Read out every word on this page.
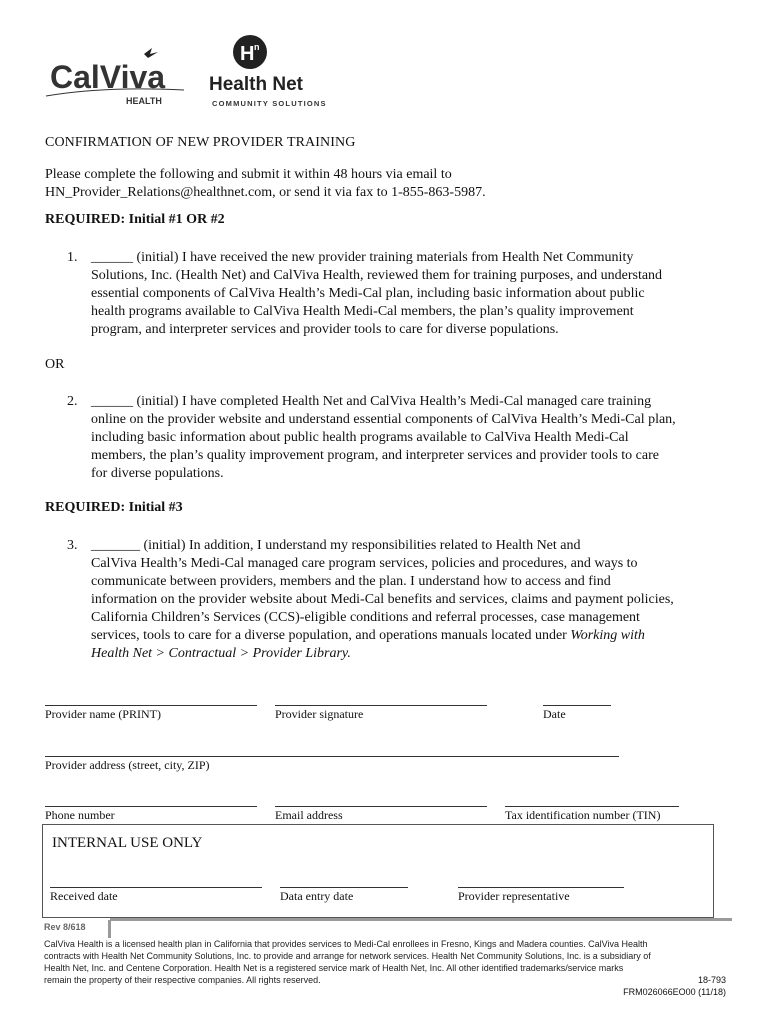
CalViva
HEALTH
H n
Health Net
COMMUNITY SOLUTIONS
CONFIRMATION OF NEW PROVIDER TRAINING
Please complete the following and submit it within 48 hours via email to
HN_Provider_Relations@healthnet.com, or send it via fax to 1-855-863-5987.
REQUIRED: Initial #1 OR #2
1. ______ (initial) I have received the new provider training materials from Health Net Community
Solutions, Inc. (Health Net) and CalViva Health, reviewed them for training purposes, and understand
essential components of CalViva Health’s Medi-Cal plan, including basic information about public
health programs available to CalViva Health Medi-Cal members, the plan’s quality improvement
program, and interpreter services and provider tools to care for diverse populations.
OR
2. ______ (initial) I have completed Health Net and CalViva Health’s Medi-Cal managed care training
online on the provider website and understand essential components of CalViva Health’s Medi-Cal plan,
including basic information about public health programs available to CalViva Health Medi-Cal
members, the plan’s quality improvement program, and interpreter services and provider tools to care
for diverse populations.
REQUIRED: Initial #3
3. _______ (initial) In addition, I understand my responsibilities related to Health Net and
CalViva Health’s Medi-Cal managed care program services, policies and procedures, and ways to
communicate between providers, members and the plan. I understand how to access and find
information on the provider website about Medi-Cal benefits and services, claims and payment policies,
California Children’s Services (CCS)-eligible conditions and referral processes, case management
services, tools to care for a diverse population, and operations manuals located under Working with
Health Net > Contractual > Provider Library.
Provider name (PRINT)	Provider signature	Date
Provider address (street, city, ZIP)
Phone number	Email address	Tax identification number (TIN)
INTERNAL USE ONLY
Received date	Data entry date	Provider representative
Rev 8/618
CalViva Health is a licensed health plan in California that provides services to Medi-Cal enrollees in Fresno, Kings and Madera counties. CalViva Health
contracts with Health Net Community Solutions, Inc. to provide and arrange for network services. Health Net Community Solutions, Inc. is a subsidiary of
Health Net, Inc. and Centene Corporation. Health Net is a registered service mark of Health Net, Inc. All other identified trademarks/service marks
remain the property of their respective companies. All rights reserved.	18-793
FRM026066EO00 (11/18)
